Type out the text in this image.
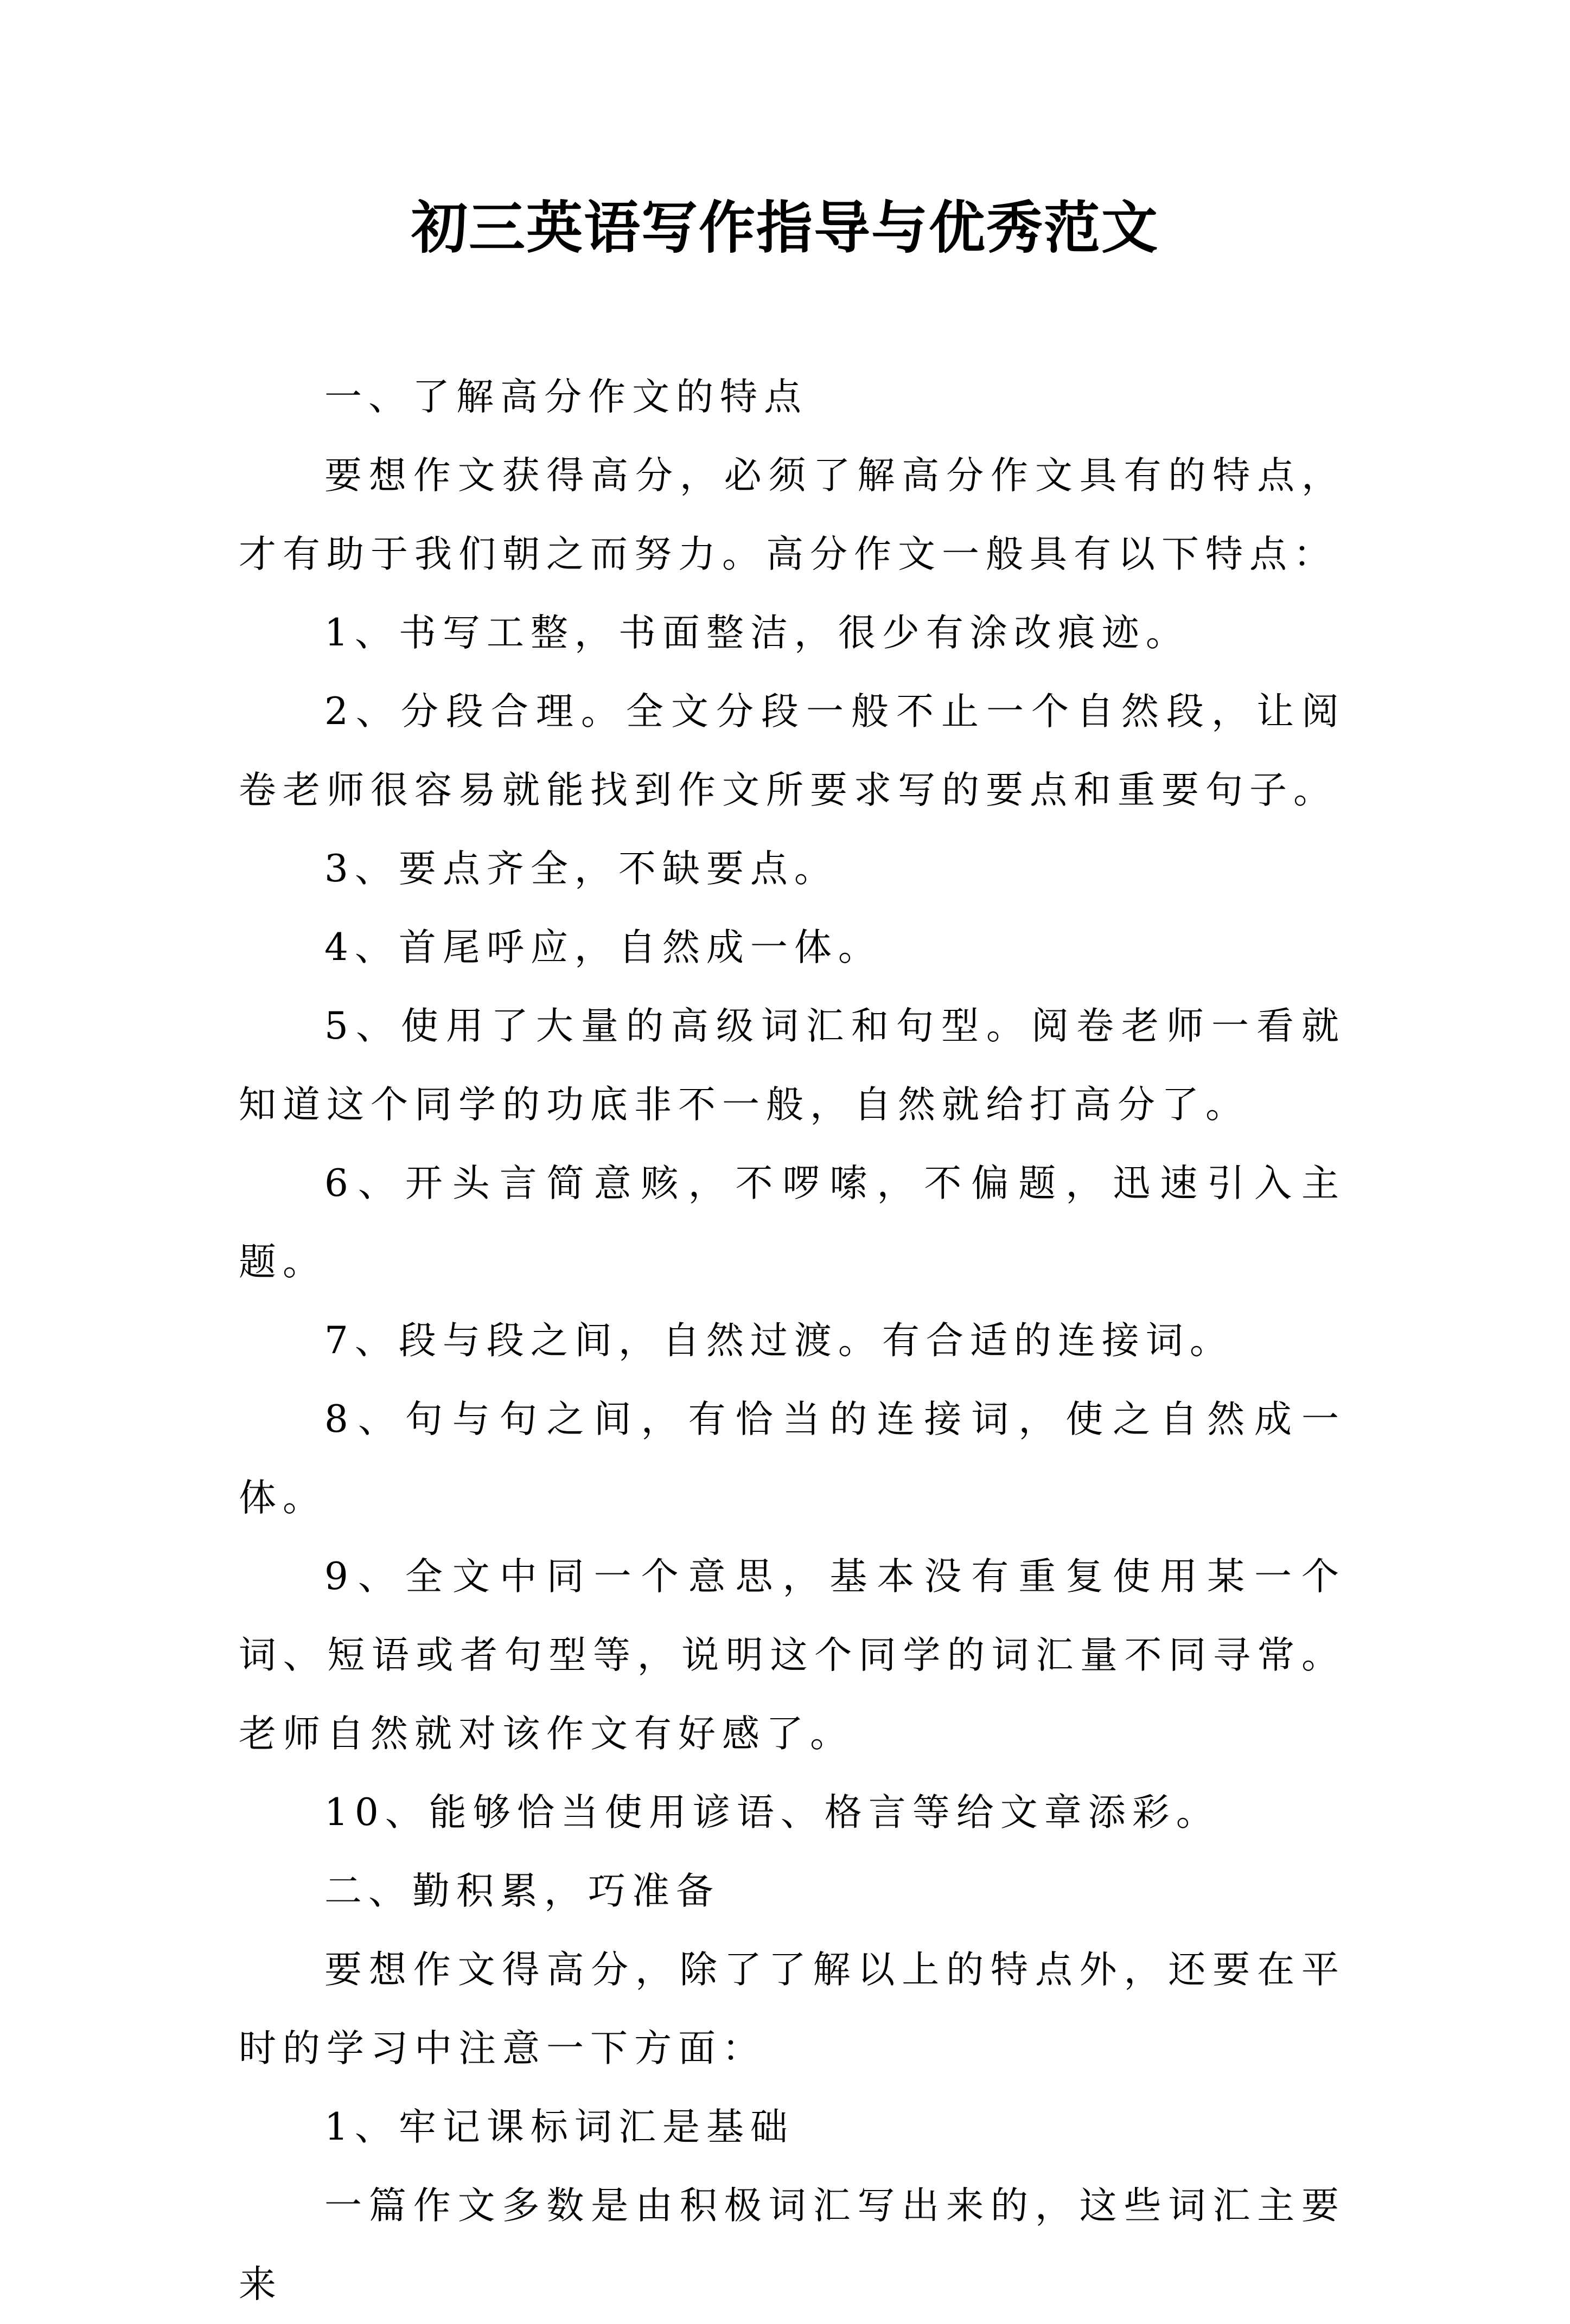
初三英语写作指导与优秀范文

一、了解高分作文的特点

要想作文获得高分，必须了解高分作文具有的特点，才有助于我们朝之而努力。高分作文一般具有以下特点：

1、书写工整，书面整洁，很少有涂改痕迹。

2、分段合理。全文分段一般不止一个自然段，让阅卷老师很容易就能找到作文所要求写的要点和重要句子。

3、要点齐全，不缺要点。

4、首尾呼应，自然成一体。

5、使用了大量的高级词汇和句型。阅卷老师一看就知道这个同学的功底非不一般，自然就给打高分了。

6、开头言简意赅，不啰嗦，不偏题，迅速引入主题。

7、段与段之间，自然过渡。有合适的连接词。

8、句与句之间，有恰当的连接词，使之自然成一体。

9、全文中同一个意思，基本没有重复使用某一个词、短语或者句型等，说明这个同学的词汇量不同寻常。老师自然就对该作文有好感了。

10、能够恰当使用谚语、格言等给文章添彩。

二、勤积累，巧准备

要想作文得高分，除了了解以上的特点外，还要在平时的学习中注意一下方面：

1、牢记课标词汇是基础

一篇作文多数是由积极词汇写出来的，这些词汇主要来
